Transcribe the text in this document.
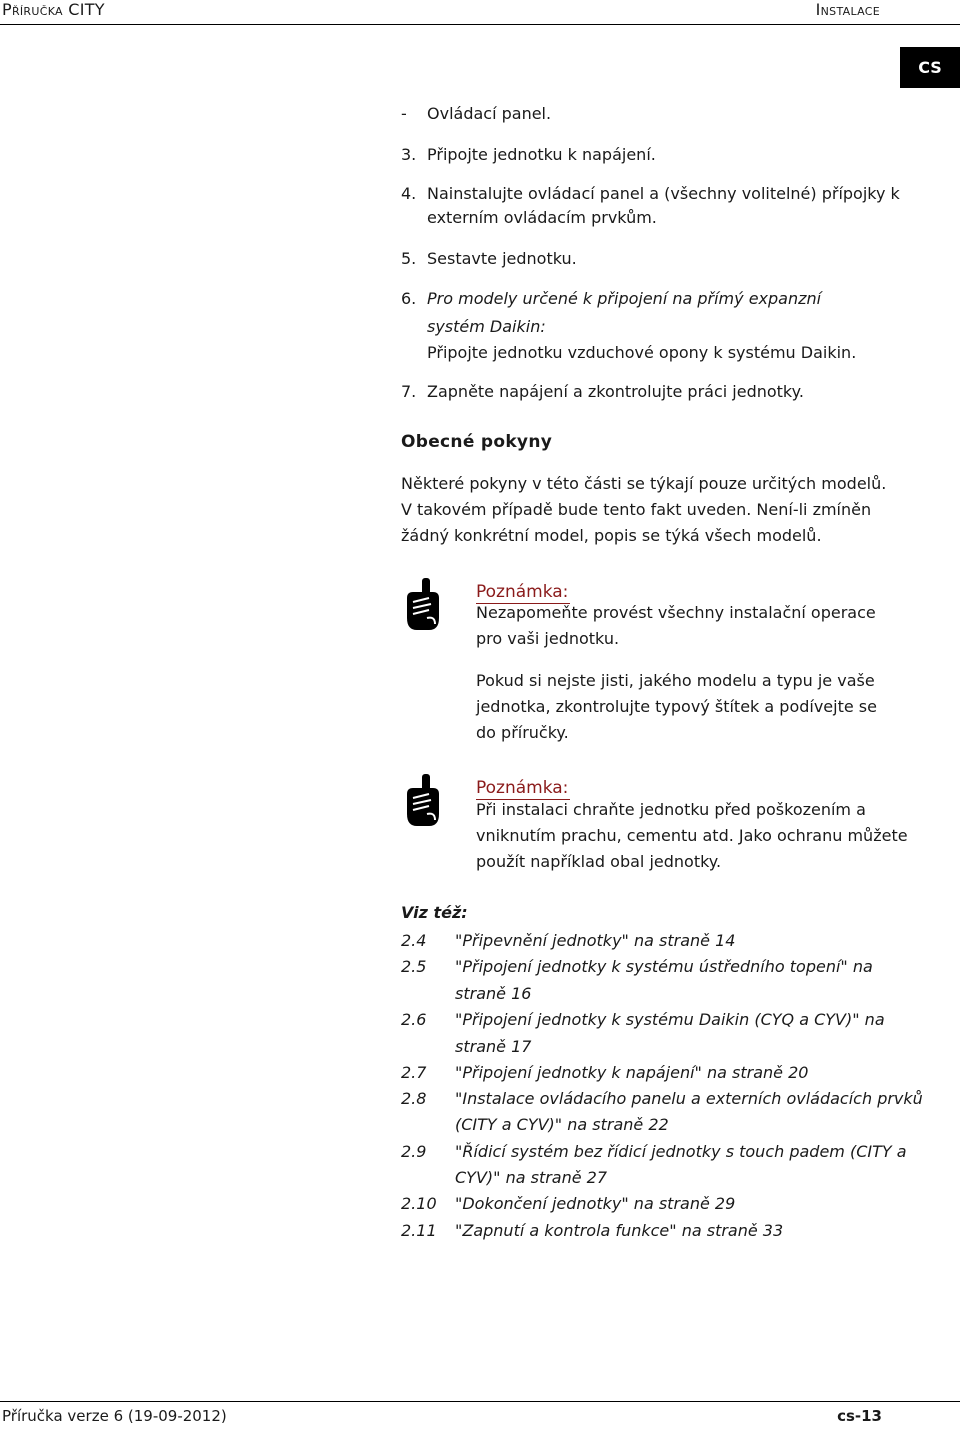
Příručka CITY	Instalace
CS
-	Ovládací panel.
3. Připojte jednotku k napájení.
4. Nainstalujte ovládací panel a (všechny volitelné) přípojky k
externím ovládacím prvkům.
5. Sestavte jednotku.
6. Pro modely určené k připojení na přímý expanzní
systém Daikin:
Připojte jednotku vzduchové opony k systému Daikin.
7. Zapněte napájení a zkontrolujte práci jednotky.
Obecné pokyny
Některé pokyny v této části se týkají pouze určitých modelů.
V takovém případě bude tento fakt uveden. Není-li zmíněn
žádný konkrétní model, popis se týká všech modelů.
Poznámka:
Nezapomeňte provést všechny instalační operace
pro vaši jednotku.
Pokud si nejste jisti, jakého modelu a typu je vaše
jednotka, zkontrolujte typový štítek a podívejte se
do příručky.
Poznámka:
Při instalaci chraňte jednotku před poškozením a
vniknutím prachu, cementu atd. Jako ochranu můžete
použít například obal jednotky.
Viz též:
2.4 "Připevnění jednotky" na straně 14
2.5 "Připojení jednotky k systému ústředního topení" na
straně 16
2.6 "Připojení jednotky k systému Daikin (CYQ a CYV)" na
straně 17
2.7 "Připojení jednotky k napájení" na straně 20
2.8 "Instalace ovládacího panelu a externích ovládacích prvků
(CITY a CYV)" na straně 22
2.9 "Řídicí systém bez řídicí jednotky s touch padem (CITY a
CYV)" na straně 27
2.10 "Dokončení jednotky" na straně 29
2.11 "Zapnutí a kontrola funkce" na straně 33
Příručka verze 6 (19-09-2012)	cs-13
